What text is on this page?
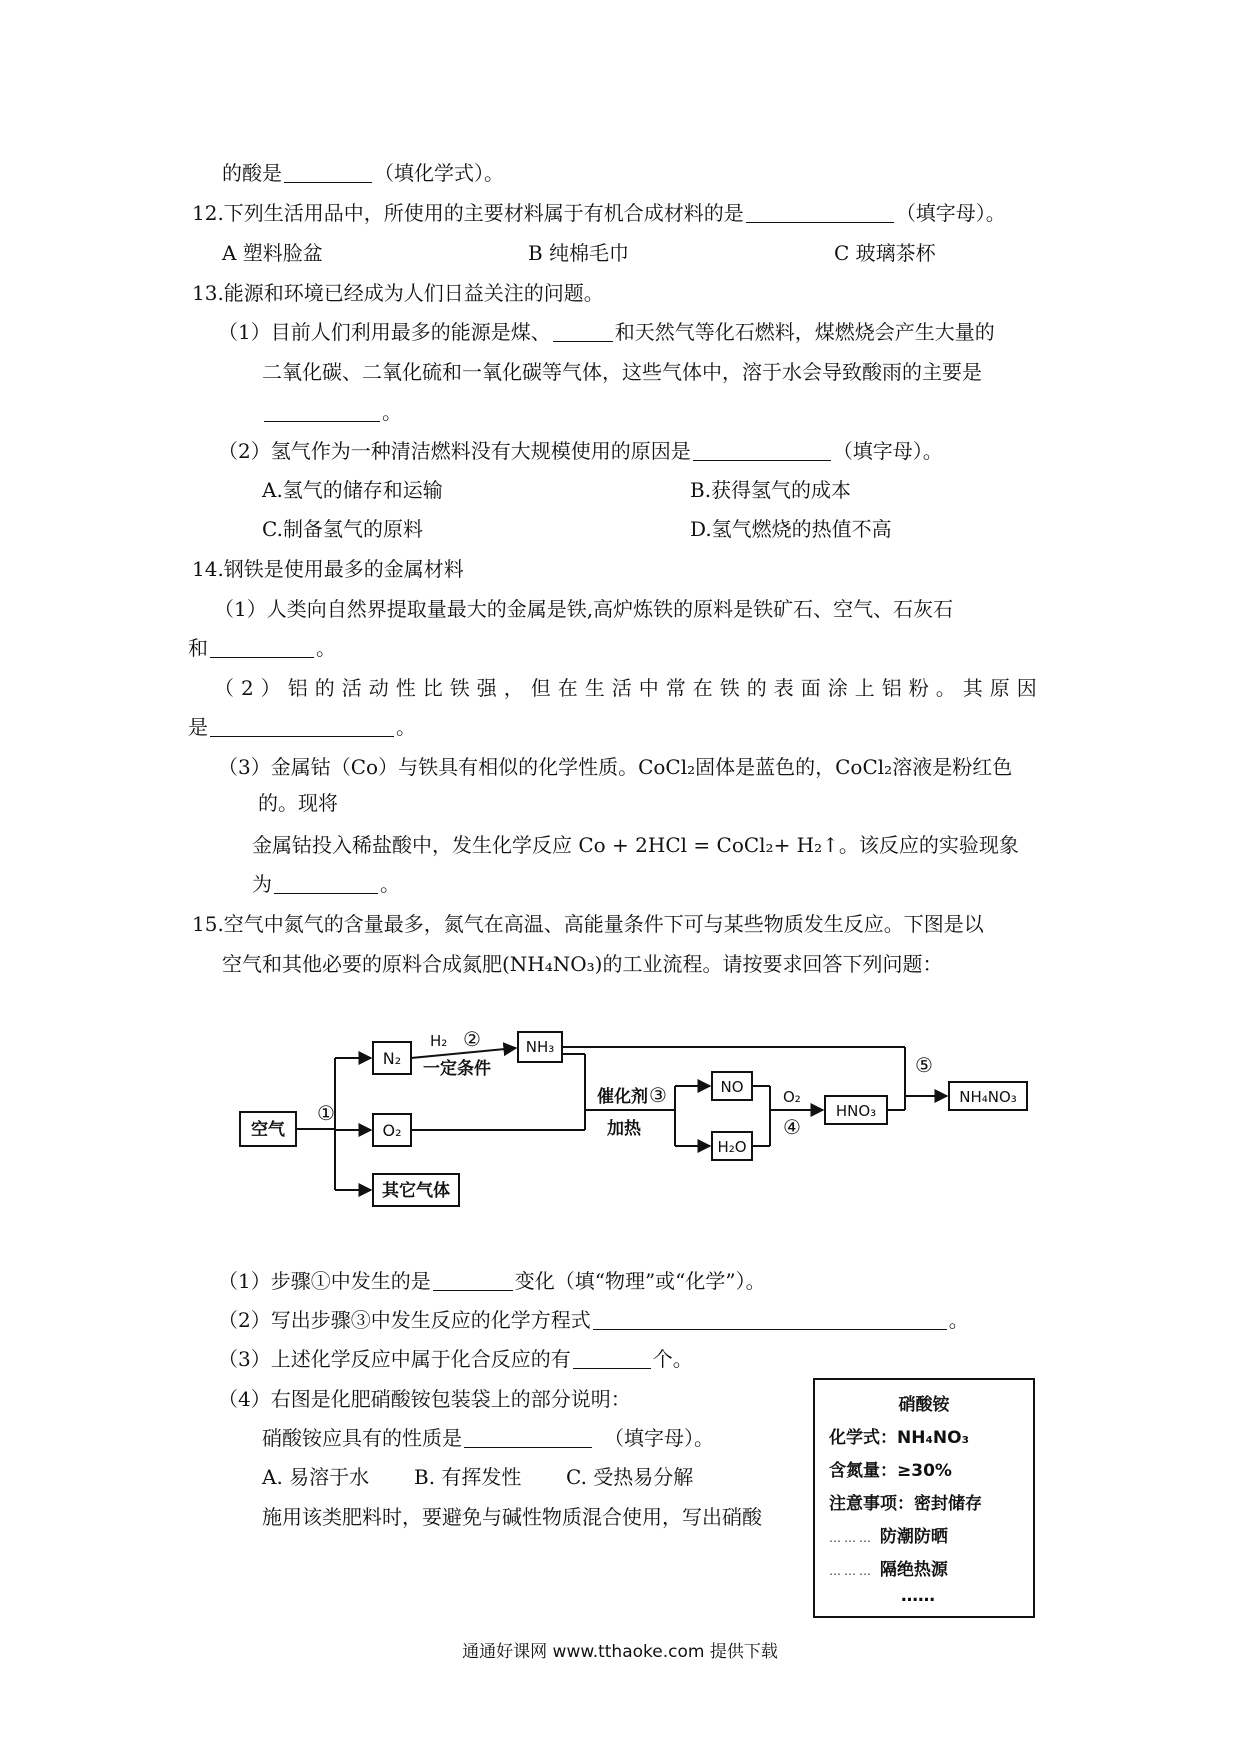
的酸是	（填化学式）。
12.下列生活用品中，所使用的主要材料属于有机合成材料的是	（填字母）。
A 塑料脸盆	B 纯棉毛巾	C 玻璃茶杯
13.能源和环境已经成为人们日益关注的问题。
（1）目前人们利用最多的能源是煤、	和天然气等化石燃料，煤燃烧会产生大量的
二氧化碳、二氧化硫和一氧化碳等气体，这些气体中，溶于水会导致酸雨的主要是
。
（2）氢气作为一种清洁燃料没有大规模使用的原因是	（填字母）。
A.氢气的储存和运输	B.获得氢气的成本
C.制备氢气的原料	D.氢气燃烧的热值不高
14.钢铁是使用最多的金属材料
（1）人类向自然界提取量最大的金属是铁,高炉炼铁的原料是铁矿石、空气、石灰石
和	。
（2）铝的活动性比铁强，但在生活中常在铁的表面涂上铝粉。其原因
是	。
（3）金属钴（Co）与铁具有相似的化学性质。CoCl₂固体是蓝色的，CoCl₂溶液是粉红色
的。现将
金属钴投入稀盐酸中，发生化学反应 Co + 2HCl = CoCl₂+ H₂↑。该反应的实验现象
为	。
15.空气中氮气的含量最多，氮气在高温、高能量条件下可与某些物质发生反应。下图是以
空气和其他必要的原料合成氮肥(NH₄NO₃)的工业流程。请按要求回答下列问题：
空气
N₂
O₂
其它气体
NH₃
NO
H₂O
HNO₃
NH₄NO₃
①
H₂ ②
一定条件
催化剂 ③
加热
O₂
④
⑤
（1）步骤①中发生的是	变化（填“物理”或“化学”）。
（2）写出步骤③中发生反应的化学方程式	。
（3）上述化学反应中属于化合反应的有	个。
（4）右图是化肥硝酸铵包装袋上的部分说明：
硝酸铵应具有的性质是	（填字母）。
A. 易溶于水 B. 有挥发性 C. 受热易分解
施用该类肥料时，要避免与碱性物质混合使用，写出硝酸
硝酸铵
化学式：NH₄NO₃
含氮量：≥30%
注意事项：密封储存
……… 防潮防晒
……… 隔绝热源
……
通通好课网 www.tthaoke.com 提供下载
